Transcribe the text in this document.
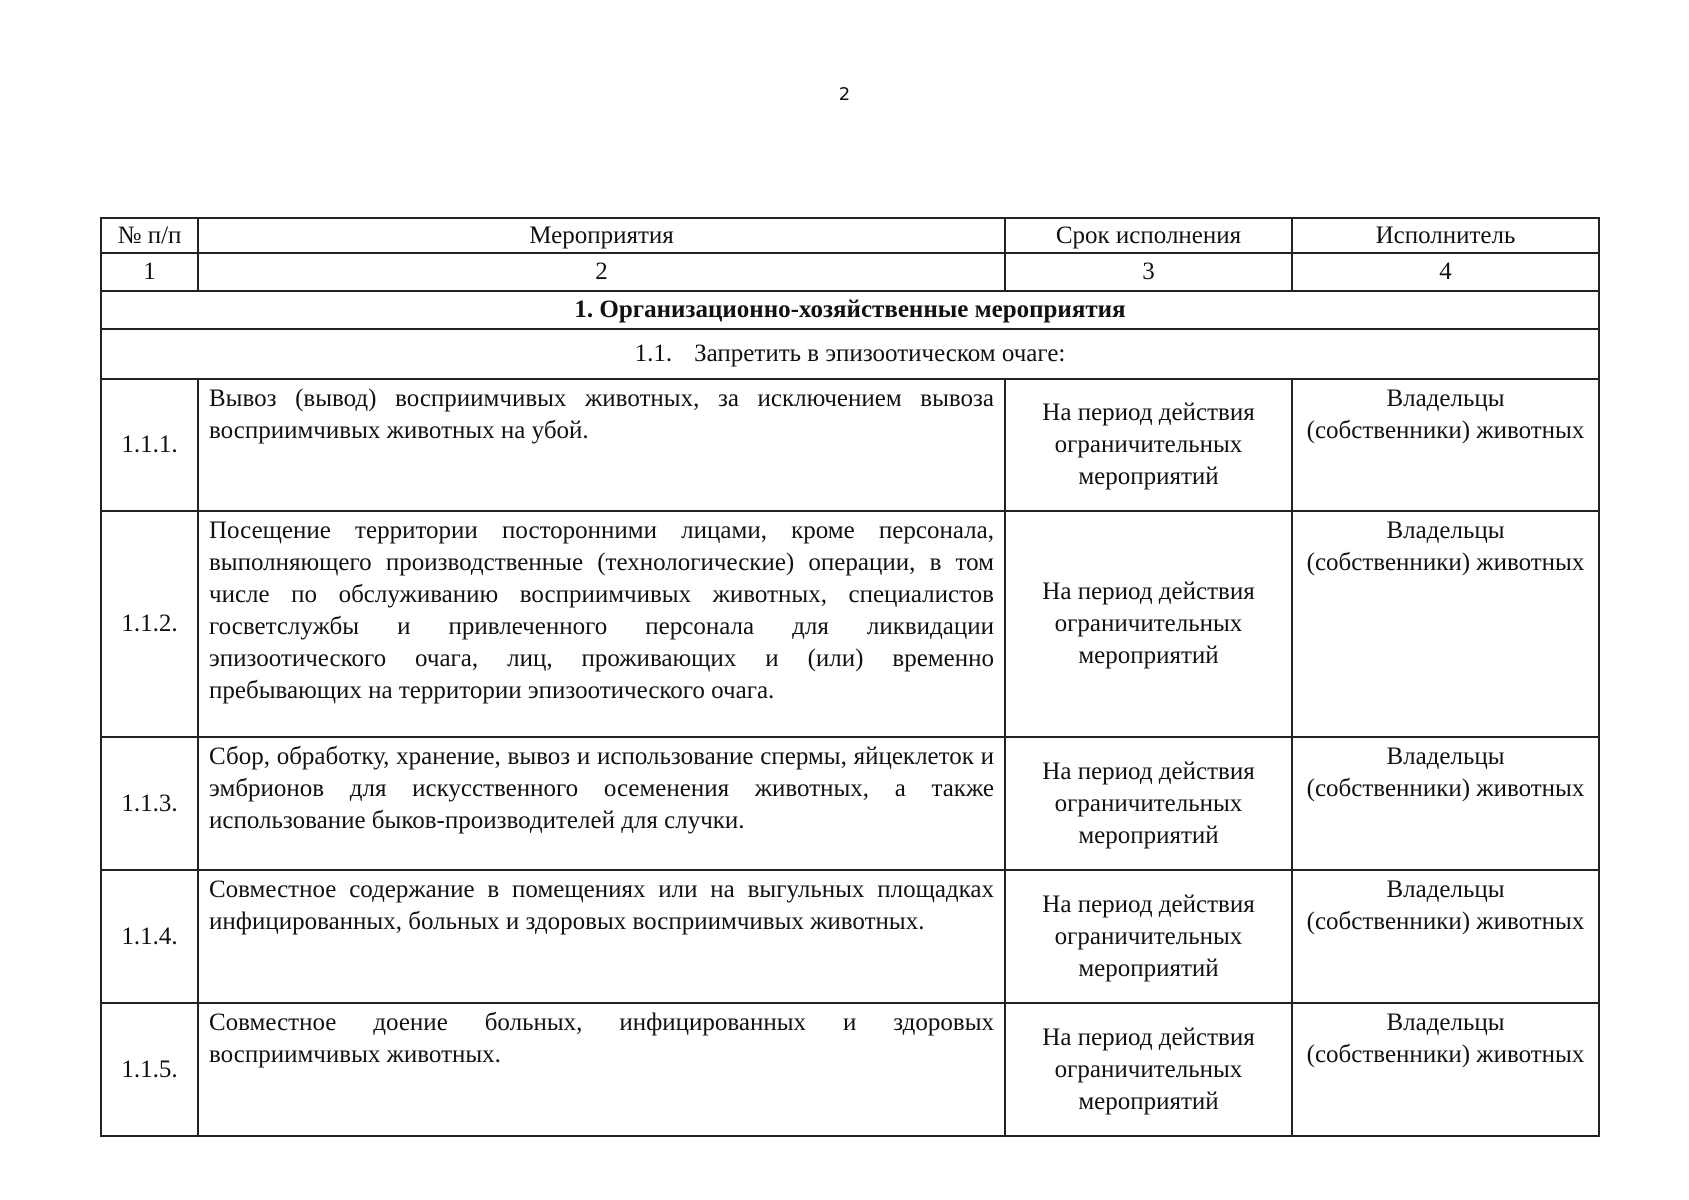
2
№ п/п	Мероприятия	Срок исполнения	Исполнитель
1	2	3	4
1. Организационно-хозяйственные мероприятия			
1.1. Запретить в эпизоотическом очаге:			
1.1.1.	Вывоз (вывод) восприимчивых животных, за исключением вывоза восприимчивых животных на убой.	На период действия ограничительных мероприятий	Владельцы (собственники) животных
1.1.2.	Посещение территории посторонними лицами, кроме персонала, выполняющего производственные (технологические) операции, в том числе по обслуживанию восприимчивых животных, специалистов госветслужбы и привлеченного персонала для ликвидации эпизоотического очага, лиц, проживающих и (или) временно пребывающих на территории эпизоотического очага.	На период действия ограничительных мероприятий	Владельцы (собственники) животных
1.1.3.	Сбор, обработку, хранение, вывоз и использование спермы, яйцеклеток и эмбрионов для искусственного осеменения животных, а также использование быков-производителей для случки.	На период действия ограничительных мероприятий	Владельцы (собственники) животных
1.1.4.	Совместное содержание в помещениях или на выгульных площадках инфицированных, больных и здоровых восприимчивых животных.	На период действия ограничительных мероприятий	Владельцы (собственники) животных
1.1.5.	Совместное доение больных, инфицированных и здоровых восприимчивых животных.	На период действия ограничительных мероприятий	Владельцы (собственники) животных
